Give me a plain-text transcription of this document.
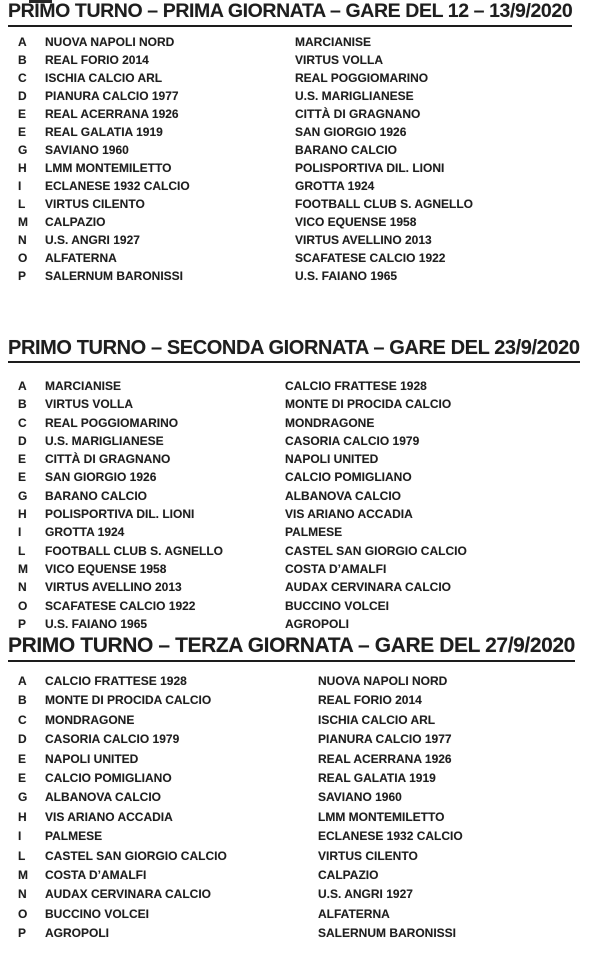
PRIMO TURNO – PRIMA GIORNATA – GARE DEL 12 – 13/9/2020
A NUOVA NAPOLI NORD	MARCIANISE
B REAL FORIO 2014	VIRTUS VOLLA
C ISCHIA CALCIO ARL	REAL POGGIOMARINO
D PIANURA CALCIO 1977	U.S. MARIGLIANESE
E REAL ACERRANA 1926	CITTÀ DI GRAGNANO
E REAL GALATIA 1919	SAN GIORGIO 1926
G SAVIANO 1960	BARANO CALCIO
H LMM MONTEMILETTO	POLISPORTIVA DIL. LIONI
I ECLANESE 1932 CALCIO	GROTTA 1924
L VIRTUS CILENTO	FOOTBALL CLUB S. AGNELLO
M CALPAZIO	VICO EQUENSE 1958
N U.S. ANGRI 1927	VIRTUS AVELLINO 2013
O ALFATERNA	SCAFATESE CALCIO 1922
P SALERNUM BARONISSI	U.S. FAIANO 1965
PRIMO TURNO – SECONDA GIORNATA – GARE DEL 23/9/2020
A MARCIANISE	CALCIO FRATTESE 1928
B VIRTUS VOLLA	MONTE DI PROCIDA CALCIO
C REAL POGGIOMARINO	MONDRAGONE
D U.S. MARIGLIANESE	CASORIA CALCIO 1979
E CITTÀ DI GRAGNANO	NAPOLI UNITED
E SAN GIORGIO 1926	CALCIO POMIGLIANO
G BARANO CALCIO	ALBANOVA CALCIO
H POLISPORTIVA DIL. LIONI	VIS ARIANO ACCADIA
I GROTTA 1924	PALMESE
L FOOTBALL CLUB S. AGNELLO	CASTEL SAN GIORGIO CALCIO
M VICO EQUENSE 1958	COSTA D’AMALFI
N VIRTUS AVELLINO 2013	AUDAX CERVINARA CALCIO
O SCAFATESE CALCIO 1922	BUCCINO VOLCEI
P U.S. FAIANO 1965	AGROPOLI
PRIMO TURNO – TERZA GIORNATA – GARE DEL 27/9/2020
A CALCIO FRATTESE 1928	NUOVA NAPOLI NORD
B MONTE DI PROCIDA CALCIO	REAL FORIO 2014
C MONDRAGONE	ISCHIA CALCIO ARL
D CASORIA CALCIO 1979	PIANURA CALCIO 1977
E NAPOLI UNITED	REAL ACERRANA 1926
E CALCIO POMIGLIANO	REAL GALATIA 1919
G ALBANOVA CALCIO	SAVIANO 1960
H VIS ARIANO ACCADIA	LMM MONTEMILETTO
I PALMESE	ECLANESE 1932 CALCIO
L CASTEL SAN GIORGIO CALCIO	VIRTUS CILENTO
M COSTA D’AMALFI	CALPAZIO
N AUDAX CERVINARA CALCIO	U.S. ANGRI 1927
O BUCCINO VOLCEI	ALFATERNA
P AGROPOLI	SALERNUM BARONISSI
